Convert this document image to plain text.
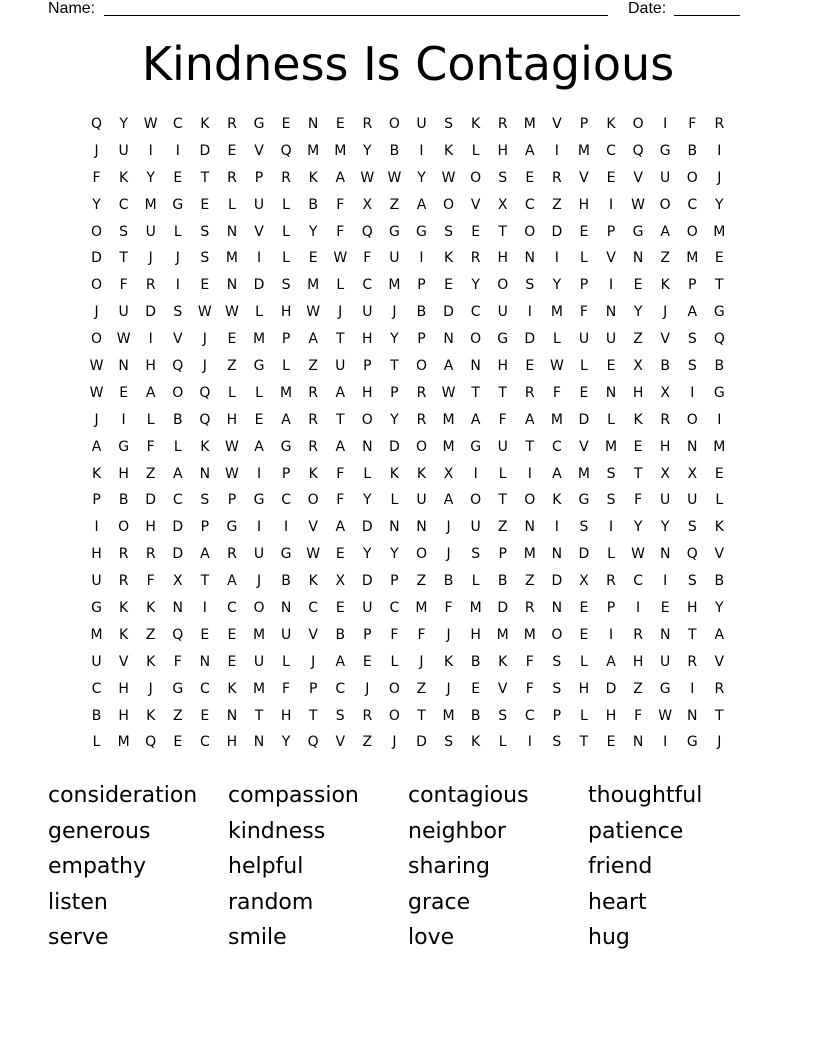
Name:	Date:
Kindness Is Contagious
Q	Y	W	C	K	R	G	E	N	E	R	O	U	S	K	R	M	V	P	K	O	I	F	R
J	U	I	I	D	E	V	Q	M	M	Y	B	I	K	L	H	A	I	M	C	Q	G	B	I
F	K	Y	E	T	R	P	R	K	A	W W	Y	W	O	S	E	R	V	E	V	U	O	J
Y	C	M	G	E	L	U	L	B	F	X	Z	A	O	V	X	C	Z	H	I	W	O	C	Y
O	S	U	L	S	N	V	L	Y	F	Q	G	G	S	E	T	O	D	E	P	G	A	O	M
D	T	J	J	S	M	I	L	E	W	F	U	I	K	R	H	N	I	L	V	N	Z	M	E
O	F	R	I	E	N	D	S	M	L	C	M	P	E	Y	O	S	Y	P	I	E	K	P	T
J	U	D	S	W W	L	H	W	J	U	J	B	D	C	U	I	M	F	N	Y	J	A	G
O	W	I	V	J	E	M	P	A	T	H	Y	P	N	O	G	D	L	U	U	Z	V	S	Q
W	N	H	Q	J	Z	G	L	Z	U	P	T	O	A	N	H	E	W	L	E	X	B	S	B
W	E	A	O	Q	L	L	M	R	A	H	P	R	W	T	T	R	F	E	N	H	X	I	G
J	I	L	B	Q	H	E	A	R	T	O	Y	R	M	A	F	A	M	D	L	K	R	O	I
A	G	F	L	K	W	A	G	R	A	N	D	O	M	G	U	T	C	V	M	E	H	N	M
K	H	Z	A	N	W	I	P	K	F	L	K	K	X	I	L	I	A	M	S	T	X	X	E
P	B	D	C	S	P	G	C	O	F	Y	L	U	A	O	T	O	K	G	S	F	U	U	L
I	O	H	D	P	G	I	I	V	A	D	N	N	J	U	Z	N	I	S	I	Y	Y	S	K
H	R	R	D	A	R	U	G	W	E	Y	Y	O	J	S	P	M	N	D	L	W	N	Q	V
U	R	F	X	T	A	J	B	K	X	D	P	Z	B	L	B	Z	D	X	R	C	I	S	B
G	K	K	N	I	C	O	N	C	E	U	C	M	F	M	D	R	N	E	P	I	E	H	Y
M	K	Z	Q	E	E	M	U	V	B	P	F	F	J	H	M	M	O	E	I	R	N	T	A
U	V	K	F	N	E	U	L	J	A	E	L	J	K	B	K	F	S	L	A	H	U	R	V
C	H	J	G	C	K	M	F	P	C	J	O	Z	J	E	V	F	S	H	D	Z	G	I	R
B	H	K	Z	E	N	T	H	T	S	R	O	T	M	B	S	C	P	L	H	F	W	N	T
L	M	Q	E	C	H	N	Y	Q	V	Z	J	D	S	K	L	I	S	T	E	N	I	G	J
consideration	compassion	contagious	thoughtful
generous	kindness	neighbor	patience
empathy	helpful	sharing	friend
listen	random	grace	heart
serve	smile	love	hug
